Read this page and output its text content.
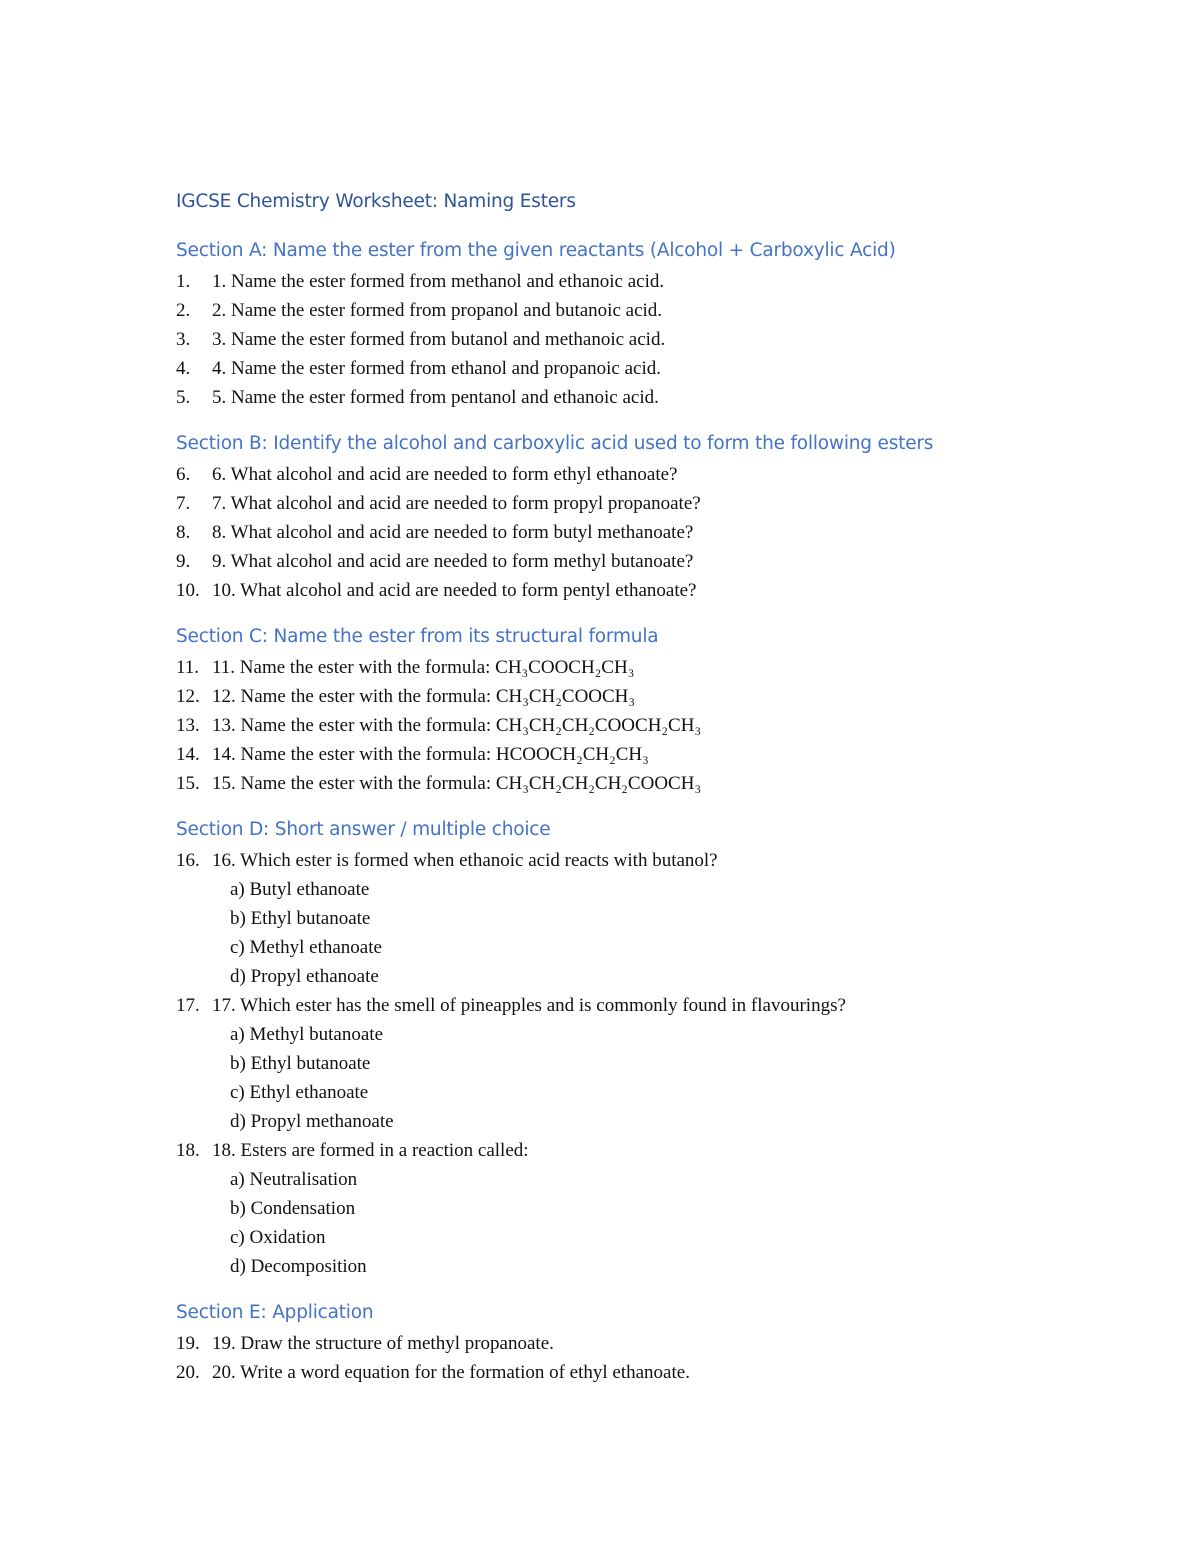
IGCSE Chemistry Worksheet: Naming Esters
Section A: Name the ester from the given reactants (Alcohol + Carboxylic Acid)
1. 1. Name the ester formed from methanol and ethanoic acid.
2. 2. Name the ester formed from propanol and butanoic acid.
3. 3. Name the ester formed from butanol and methanoic acid.
4. 4. Name the ester formed from ethanol and propanoic acid.
5. 5. Name the ester formed from pentanol and ethanoic acid.
Section B: Identify the alcohol and carboxylic acid used to form the following esters
6. 6. What alcohol and acid are needed to form ethyl ethanoate?
7. 7. What alcohol and acid are needed to form propyl propanoate?
8. 8. What alcohol and acid are needed to form butyl methanoate?
9. 9. What alcohol and acid are needed to form methyl butanoate?
10. 10. What alcohol and acid are needed to form pentyl ethanoate?
Section C: Name the ester from its structural formula
11. 11. Name the ester with the formula: CH₃COOCH₂CH₃
12. 12. Name the ester with the formula: CH₃CH₂COOCH₃
13. 13. Name the ester with the formula: CH₃CH₂CH₂COOCH₂CH₃
14. 14. Name the ester with the formula: HCOOCH₂CH₂CH₃
15. 15. Name the ester with the formula: CH₃CH₂CH₂CH₂COOCH₃
Section D: Short answer / multiple choice
16. 16. Which ester is formed when ethanoic acid reacts with butanol?
a) Butyl ethanoate
b) Ethyl butanoate
c) Methyl ethanoate
d) Propyl ethanoate
17. 17. Which ester has the smell of pineapples and is commonly found in flavourings?
a) Methyl butanoate
b) Ethyl butanoate
c) Ethyl ethanoate
d) Propyl methanoate
18. 18. Esters are formed in a reaction called:
a) Neutralisation
b) Condensation
c) Oxidation
d) Decomposition
Section E: Application
19. 19. Draw the structure of methyl propanoate.
20. 20. Write a word equation for the formation of ethyl ethanoate.
